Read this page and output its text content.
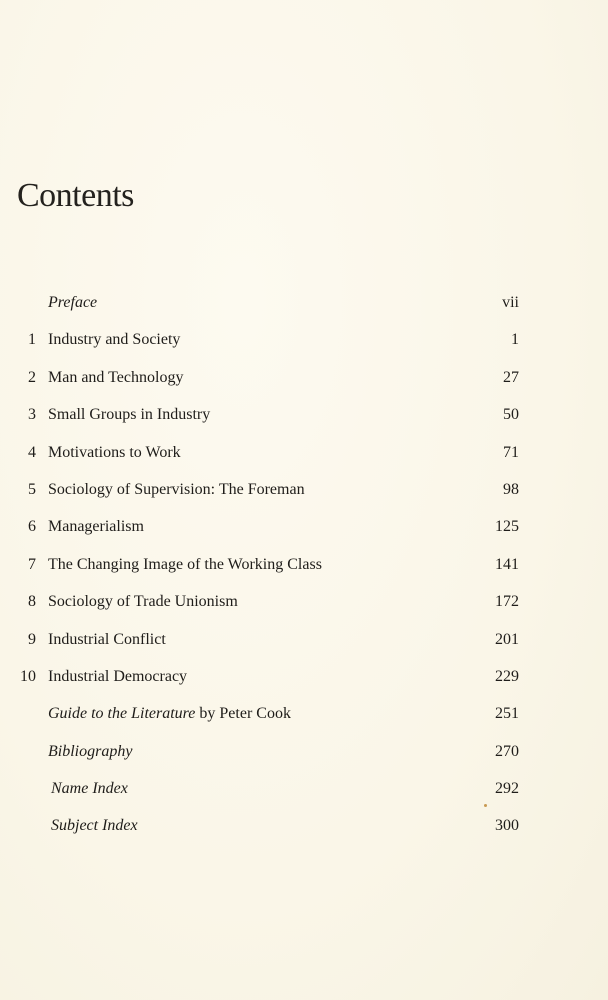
Contents
Preface	vii
1 Industry and Society	1
2 Man and Technology	27
3 Small Groups in Industry	50
4 Motivations to Work	71
5 Sociology of Supervision: The Foreman	98
6 Managerialism	125
7 The Changing Image of the Working Class	141
8 Sociology of Trade Unionism	172
9 Industrial Conflict	201
10 Industrial Democracy	229
Guide to the Literature by Peter Cook	251
Bibliography	270
Name Index	292
Subject Index	300
